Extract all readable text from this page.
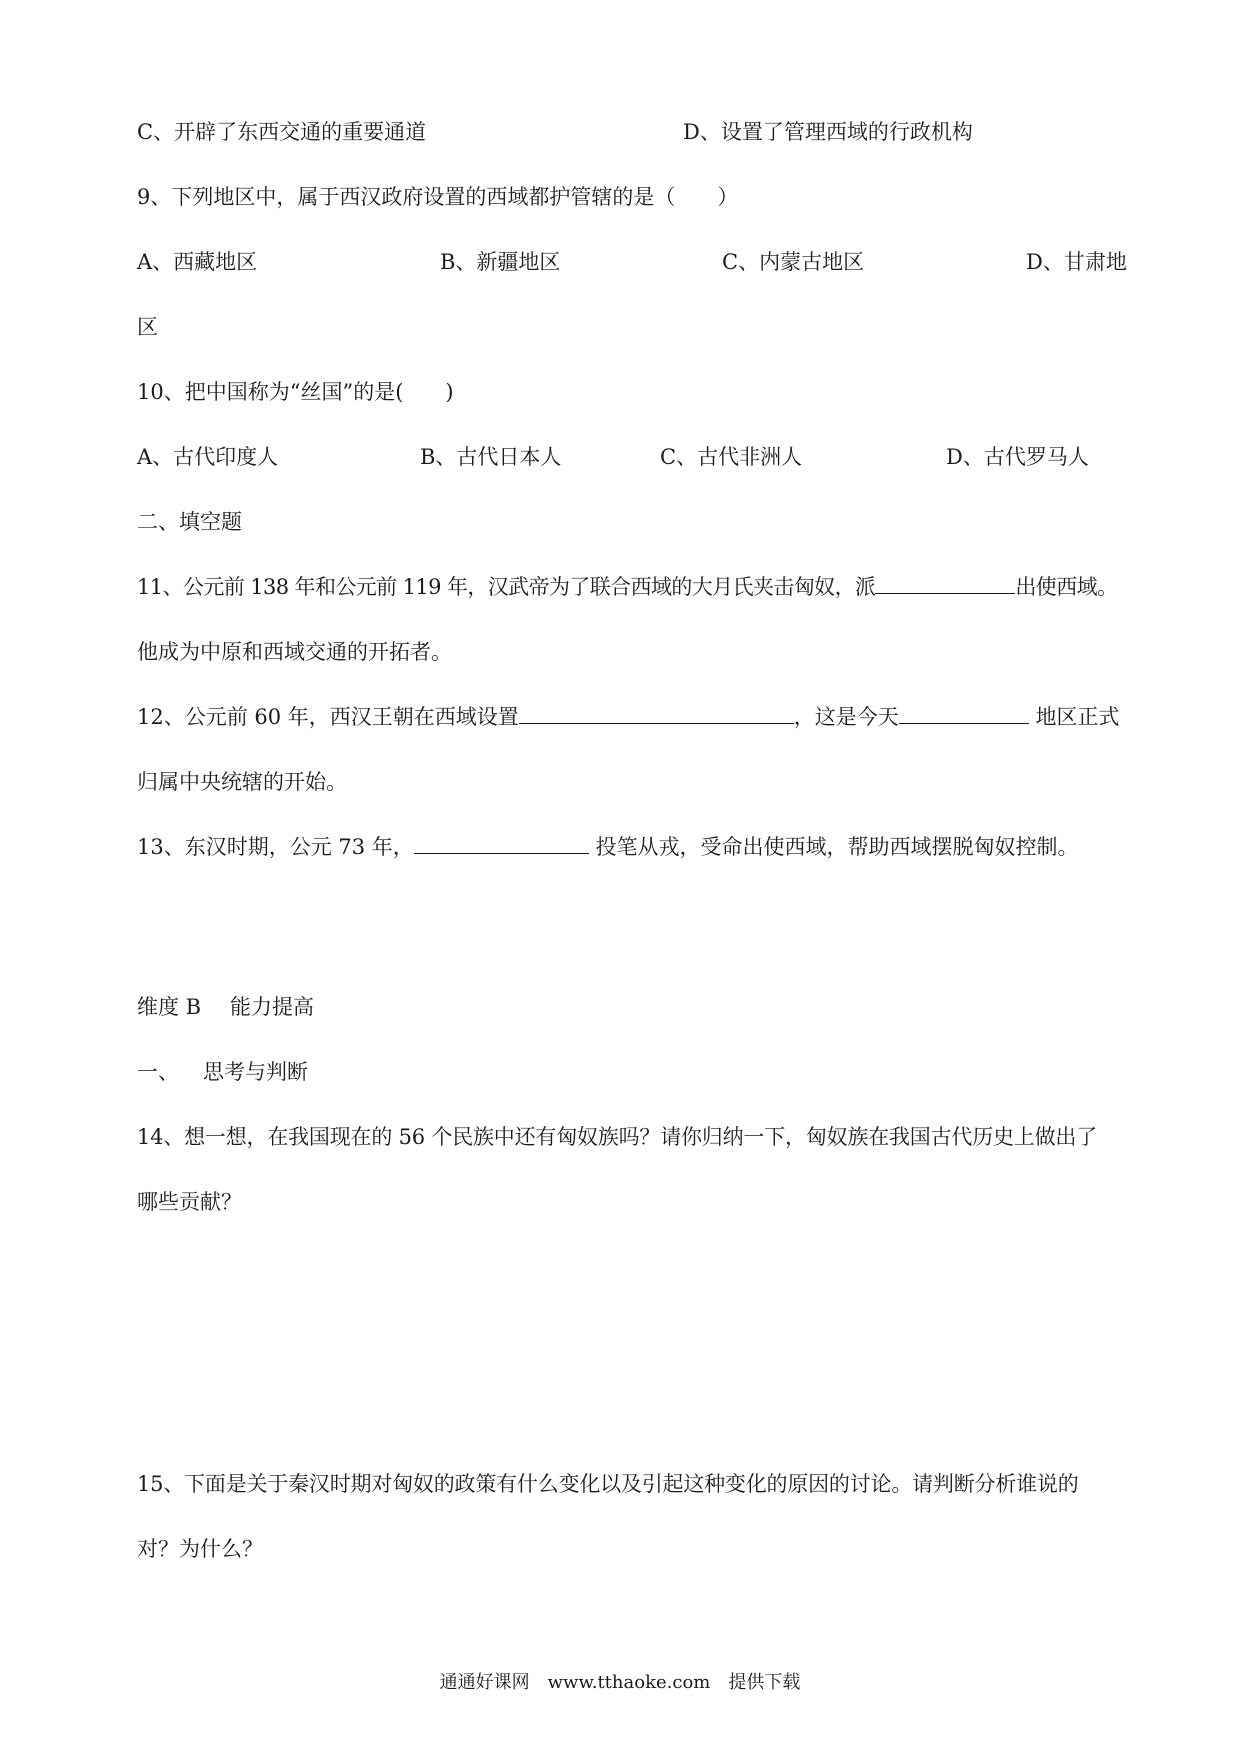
C、开辟了东西交通的重要通道	D、设置了管理西域的行政机构
9、下列地区中，属于西汉政府设置的西域都护管辖的是（　　）
A、西藏地区	B、新疆地区	C、内蒙古地区	D、甘肃地
区
10、把中国称为“丝国”的是(　　)
A、古代印度人	B、古代日本人	C、古代非洲人	D、古代罗马人
二、填空题
11、公元前 138 年和公元前 119 年，汉武帝为了联合西域的大月氏夹击匈奴，派	出使西域。
他成为中原和西域交通的开拓者。
12、公元前 60 年，西汉王朝在西域设置	，这是今天	地区正式
归属中央统辖的开始。
13、东汉时期，公元 73 年，	投笔从戎，受命出使西域，帮助西域摆脱匈奴控制。
维度 B 能力提高
一、 思考与判断
14、想一想，在我国现在的 56 个民族中还有匈奴族吗？请你归纳一下，匈奴族在我国古代历史上做出了
哪些贡献？
15、下面是关于秦汉时期对匈奴的政策有什么变化以及引起这种变化的原因的讨论。请判断分析谁说的
对？为什么？
通通好课网　www.tthaoke.com　提供下载
